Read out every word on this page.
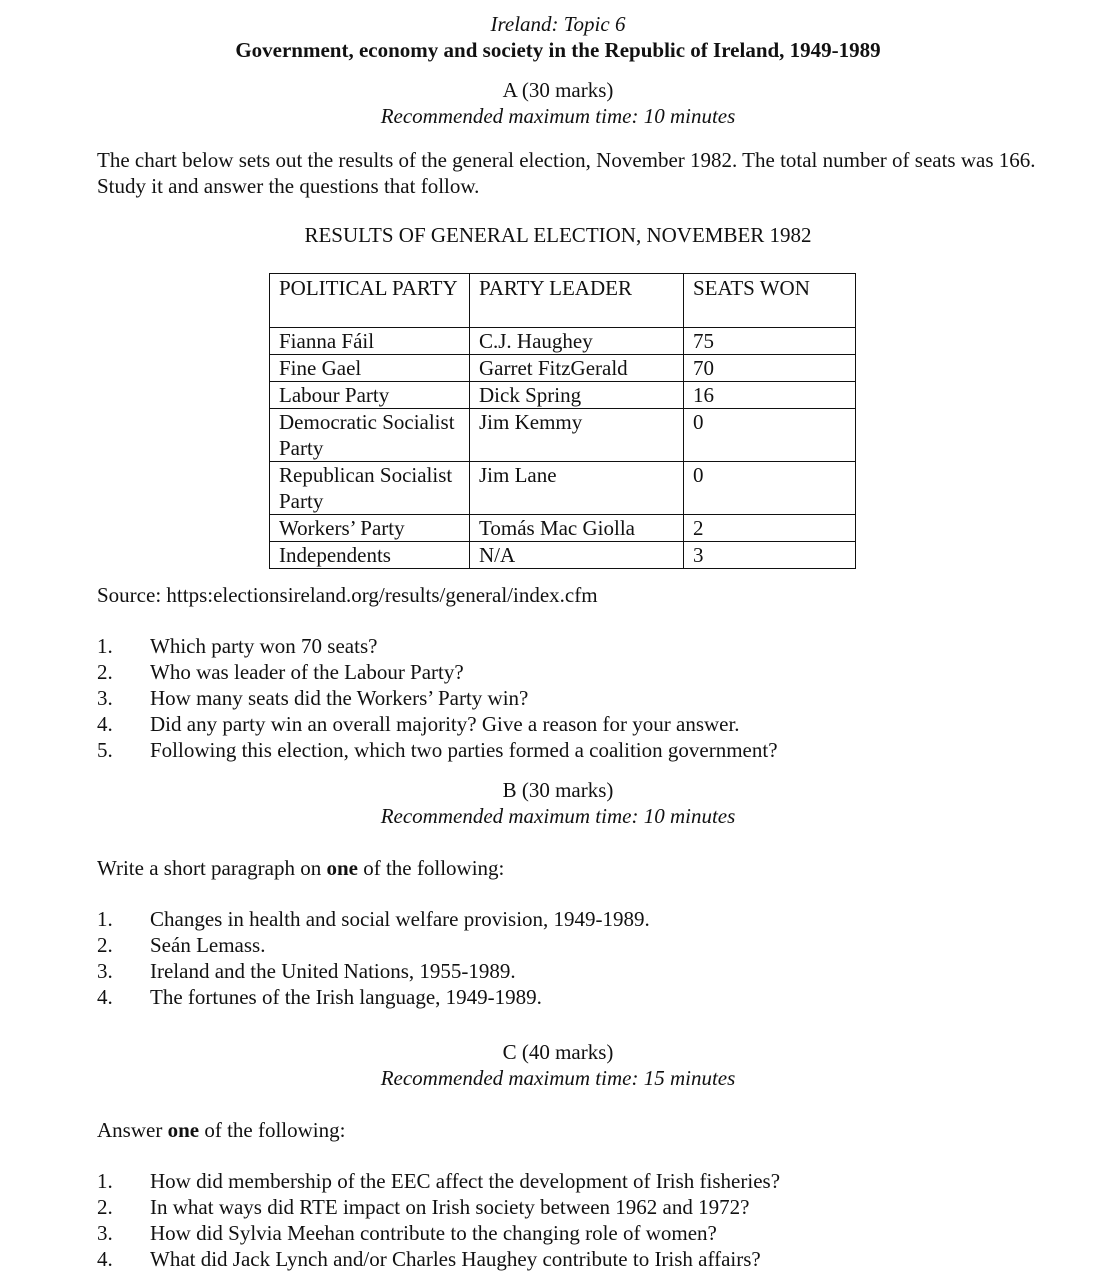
Ireland: Topic 6
Government, economy and society in the Republic of Ireland, 1949-1989
A (30 marks)
Recommended maximum time: 10 minutes
The chart below sets out the results of the general election, November 1982. The total number of seats was 166. Study it and answer the questions that follow.
RESULTS OF GENERAL ELECTION, NOVEMBER 1982
POLITICAL PARTY	PARTY LEADER	SEATS WON
Fianna Fáil	C.J. Haughey	75
Fine Gael	Garret FitzGerald	70
Labour Party	Dick Spring	16
Democratic Socialist Party	Jim Kemmy	0
Republican Socialist Party	Jim Lane	0
Workers’ Party	Tomás Mac Giolla	2
Independents	N/A	3
Source: https:electionsireland.org/results/general/index.cfm
1. Which party won 70 seats?
2. Who was leader of the Labour Party?
3. How many seats did the Workers’ Party win?
4. Did any party win an overall majority? Give a reason for your answer.
5. Following this election, which two parties formed a coalition government?
B (30 marks)
Recommended maximum time: 10 minutes
Write a short paragraph on one of the following:
1. Changes in health and social welfare provision, 1949-1989.
2. Seán Lemass.
3. Ireland and the United Nations, 1955-1989.
4. The fortunes of the Irish language, 1949-1989.
C (40 marks)
Recommended maximum time: 15 minutes
Answer one of the following:
1. How did membership of the EEC affect the development of Irish fisheries?
2. In what ways did RTE impact on Irish society between 1962 and 1972?
3. How did Sylvia Meehan contribute to the changing role of women?
4. What did Jack Lynch and/or Charles Haughey contribute to Irish affairs?
